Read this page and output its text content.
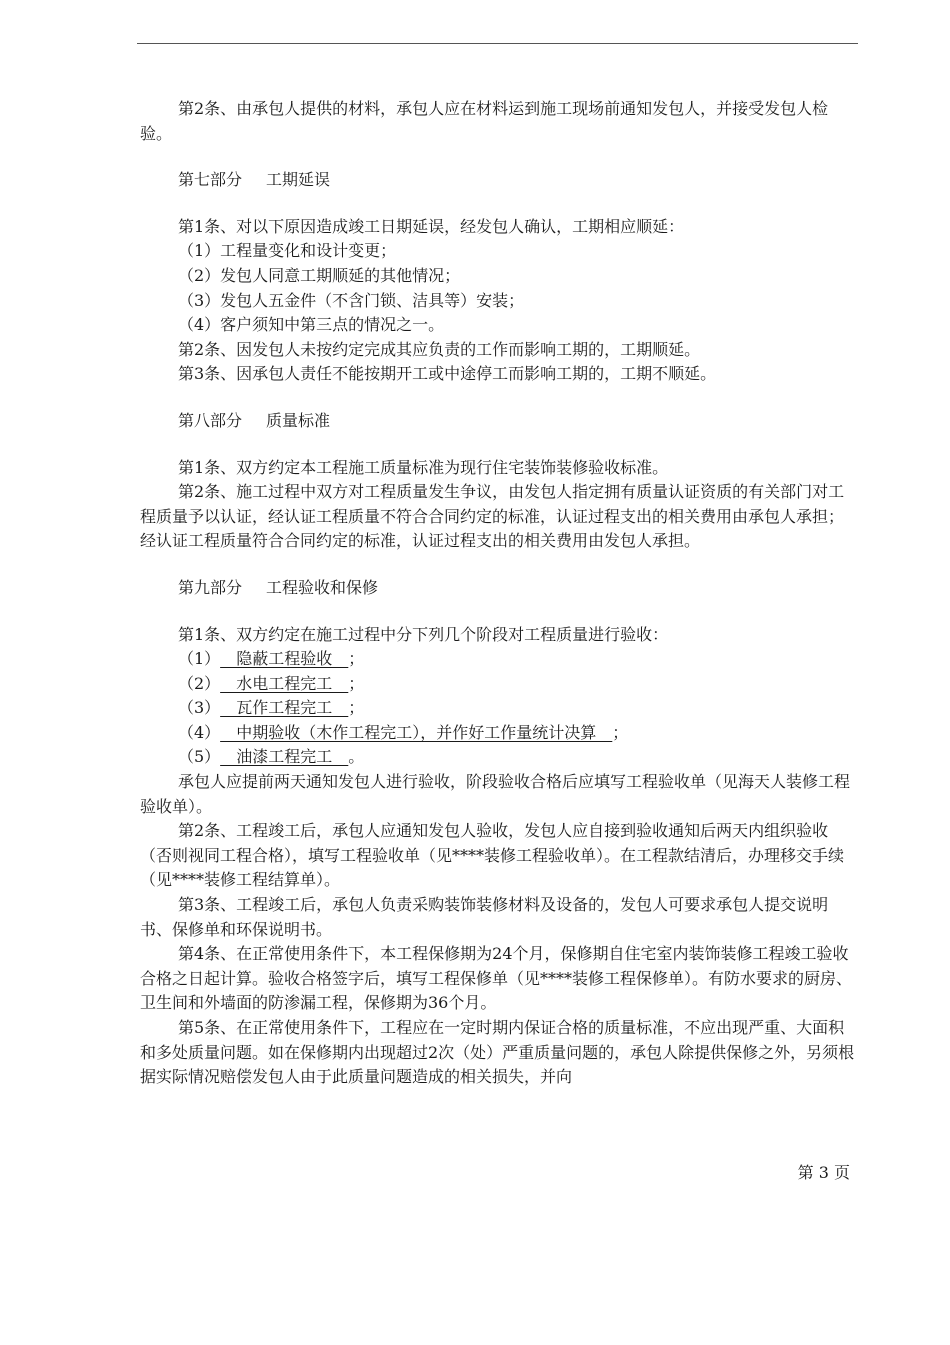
第2条、由承包人提供的材料，承包人应在材料运到施工现场前通知发包人，并接受发包人检验。

第七部分 工期延误

第1条、对以下原因造成竣工日期延误，经发包人确认，工期相应顺延：

（1）工程量变化和设计变更；

（2）发包人同意工期顺延的其他情况；

（3）发包人五金件（不含门锁、洁具等）安装；

（4）客户须知中第三点的情况之一。

第2条、因发包人未按约定完成其应负责的工作而影响工期的，工期顺延。

第3条、因承包人责任不能按期开工或中途停工而影响工期的，工期不顺延。

第八部分 质量标准

第1条、双方约定本工程施工质量标准为现行住宅装饰装修验收标准。

第2条、施工过程中双方对工程质量发生争议，由发包人指定拥有质量认证资质的有关部门对工程质量予以认证，经认证工程质量不符合合同约定的标准，认证过程支出的相关费用由承包人承担；经认证工程质量符合合同约定的标准，认证过程支出的相关费用由发包人承担。

第九部分 工程验收和保修

第1条、双方约定在施工过程中分下列几个阶段对工程质量进行验收：

（1）__隐蔽工程验收__；

（2）__水电工程完工__；

（3）__瓦作工程完工__；

（4）__中期验收（木作工程完工），并作好工作量统计决算__；

（5）__油漆工程完工__。

承包人应提前两天通知发包人进行验收，阶段验收合格后应填写工程验收单（见海天人装修工程验收单）。

第2条、工程竣工后，承包人应通知发包人验收，发包人应自接到验收通知后两天内组织验收（否则视同工程合格），填写工程验收单（见****装修工程验收单）。在工程款结清后，办理移交手续（见****装修工程结算单）。

第3条、工程竣工后，承包人负责采购装饰装修材料及设备的，发包人可要求承包人提交说明书、保修单和环保说明书。

第4条、在正常使用条件下，本工程保修期为24个月，保修期自住宅室内装饰装修工程竣工验收合格之日起计算。验收合格签字后，填写工程保修单（见****装修工程保修单）。有防水要求的厨房、卫生间和外墙面的防渗漏工程，保修期为36个月。

第5条、在正常使用条件下，工程应在一定时期内保证合格的质量标准，不应出现严重、大面积和多处质量问题。如在保修期内出现超过2次（处）严重质量问题的，承包人除提供保修之外，另须根据实际情况赔偿发包人由于此质量问题造成的相关损失，并向

第 3 页
